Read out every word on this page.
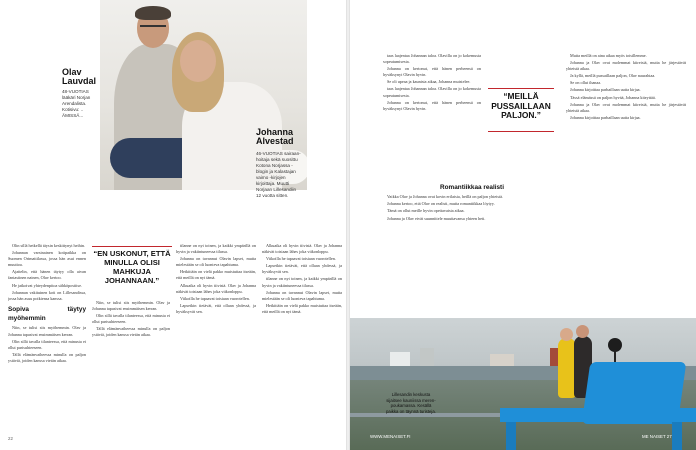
Olav Lauvdal
48-VUOTIAS lääkäri Norjan Arendalista. Kotisivu: .. ÄMISSÄ...
Johanna Alvestad
46-VUOTIAS sairaan-hoitaja sekä suosittu Kotona Norjassa -blogin ja Kalastajan vaimo -kirjojen kirjoittaja. Muutti Norjaan Lillesandiin 12 vuotta sitten.

Olin sillä hetkellä täysin keskittynyt heihin.

Johannan varsinainen kotipaikka on Suomen Orimattilassa, jossa hän asui ennen muuttoa.

Ajattelin, että hänen täytyy olla aivan fantastinen nainen, Olav kertoo.

He jatkoivat yhteydenpitoa sähköpostitse.

Johannan vakituinen koti on Lillesandissa, jossa hän asuu poikiensa kanssa.

Sopiva täytyy myöhemmin

Niin, se tulisi siis myöhemmin. Olav ja Johanna tapasivat ensimmäisen kerran.

Olin sillä tavalla tilanteessa, että minusta ei ollut parisuhteeseen.

Tällä elämänvaiheessa minulla on paljon ystäviä, joiden kanssa vietän aikaa.

“EN USKONUT, ETTÄ MINULLA OLISI MAHKUJA JOHANNAAN.”

Niin, se tulisi siis myöhemmin. Olav ja Johanna tapasivat ensimmäisen kerran.

Olin sillä tavalla tilanteessa, että minusta ei ollut parisuhteeseen.

Tällä elämänvaiheessa minulla on paljon ystäviä, joiden kanssa vietän aikaa.

tilanne on nyt toinen, ja kaikki ympärillä on hyvin ja vakiintuneessa tilassa.

Johanna on tavannut Olavin lapset, mutta mielestään se oli luonteva tapahtuma.

Hetkittäin on vielä pakko muistuttaa itseään, että meillä on nyt tämä.

Alkuaika oli hyvin tiivistä. Olav ja Johanna näkivät toisiaan lähes joka viikonloppu.

Viikoilla he tapaavat toisiaan vuorotellen.

Lapsetkin tietävät, että ollaan yhdessä, ja hyväksyvät sen.

Alkuaika oli hyvin tiivistä. Olav ja Johanna näkivät toisiaan lähes joka viikonloppu.

Viikoilla he tapaavat toisiaan vuorotellen.

Lapsetkin tietävät, että ollaan yhdessä, ja hyväksyvät sen.

tilanne on nyt toinen, ja kaikki ympärillä on hyvin ja vakiintuneessa tilassa.

Johanna on tavannut Olavin lapset, mutta mielestään se oli luonteva tapahtuma.

Hetkittäin on vielä pakko muistuttaa itseään, että meillä on nyt tämä.

22

taas laajentaa Johannan taloa. Olavilla on jo kokemusta sopeutumisesta.

Johanna on kertonut, että hänen perheensä on hyväksynyt Olavin hyvin.

Se oli upeaa ja kaunista aikaa, Johanna muistelee.

taas laajentaa Johannan taloa. Olavilla on jo kokemusta sopeutumisesta.

Johanna on kertonut, että hänen perheensä on hyväksynyt Olavin hyvin.

“MEILLÄ PUSSAILLAAN PALJON.”
Romantiikkaa realisti

Vaikka Olav ja Johanna ovat kovin erilaisia, heillä on paljon yhteistä.

Johanna kertoo, että Olav on realisti, mutta romantiikkaa löytyy.

Tämä on ollut meille hyvin opettavaista aikaa.

Johanna ja Olav eivät suunnittele muuttavansa yhteen heti.

Mutta meillä on aina aikaa myös toisillemme.

Johanna ja Olav ovat molemmat kiireisiä, mutta he järjestävät yhteistä aikaa.

Ja kyllä, meillä pussaillaan paljon, Olav naurahtaa.

Se on ollut ihanaa.

Johanna kirjoittaa parhaillaan uutta kirjaa.

Tässä elämässä on paljon hyvää, Johanna kiteyttää.

Johanna ja Olav ovat molemmat kiireisiä, mutta he järjestävät yhteistä aikaa.

Johanna kirjoittaa parhaillaan uutta kirjaa.

Lillesandin keskusta sijaitsee kauniissa meren-poukamassa. Kesällä paikka on täynnä turisteja.
WWW.MENAISET.FI	ME NAISET 27
